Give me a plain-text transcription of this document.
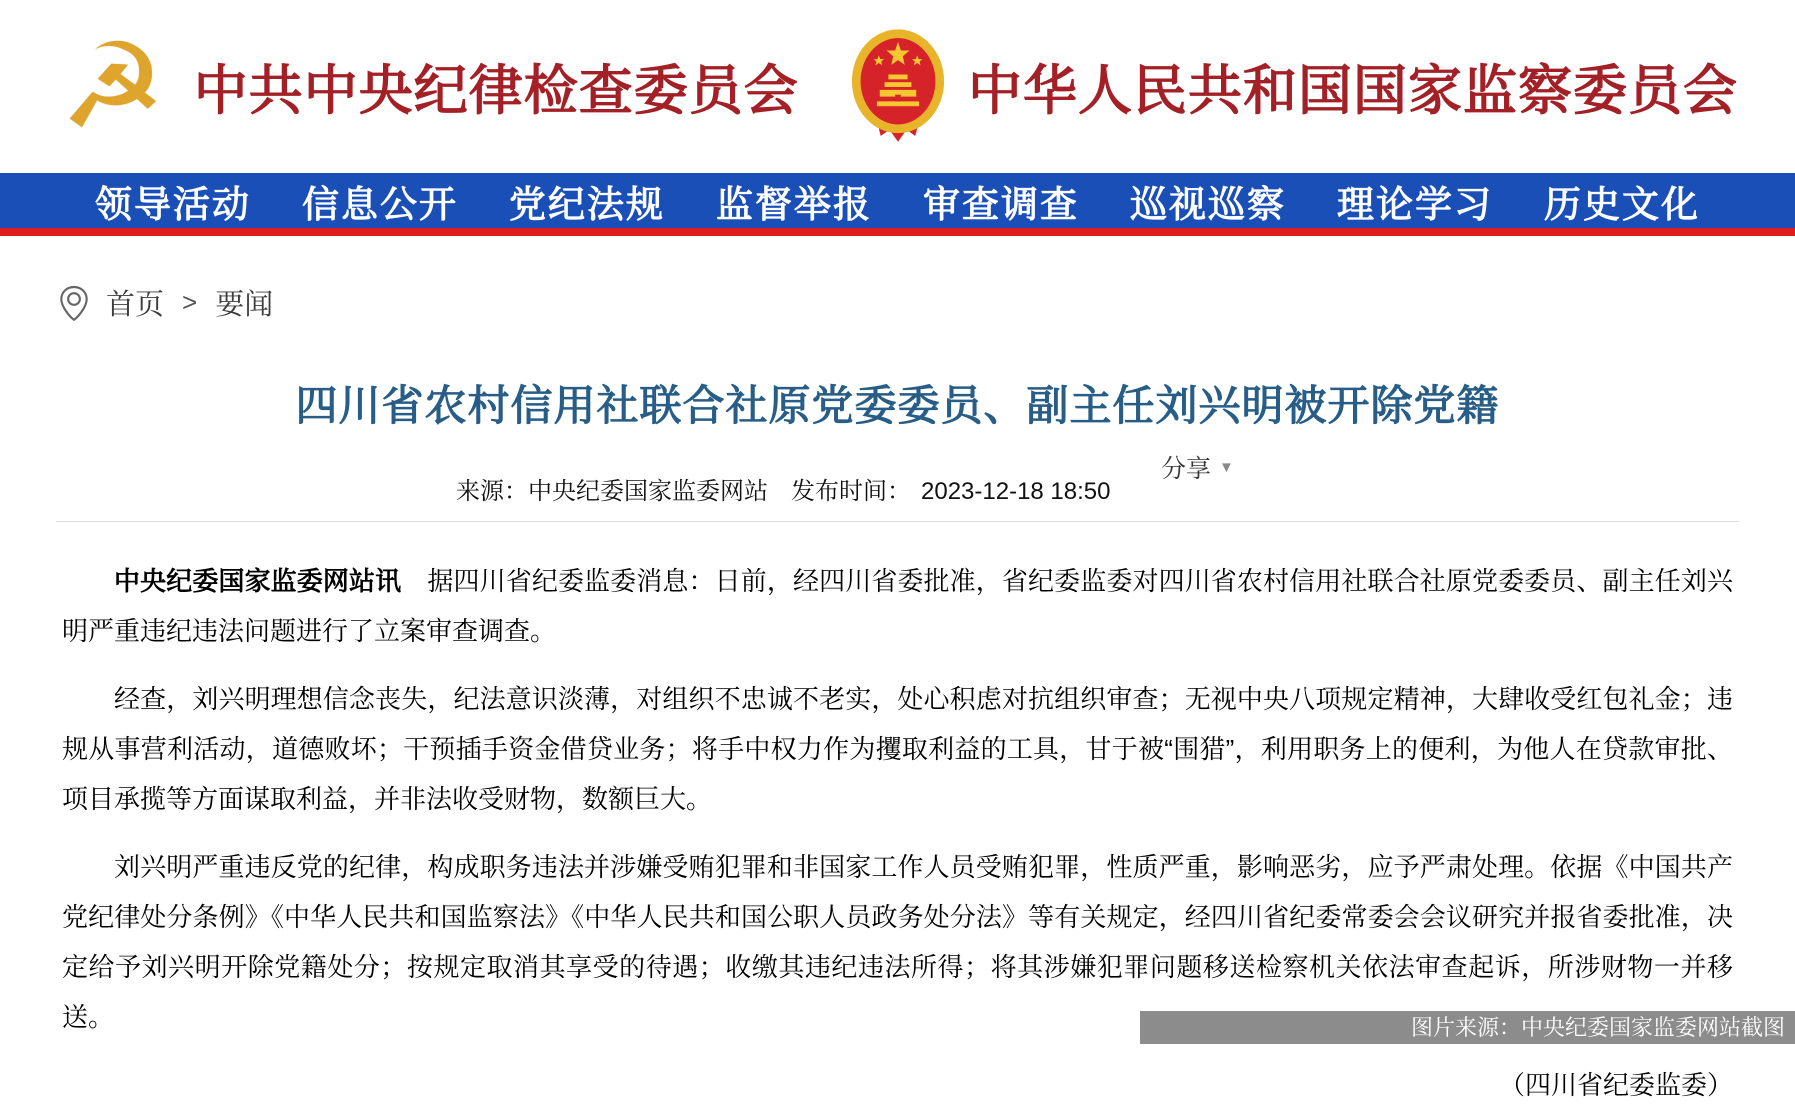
☭ 中共中央纪律检查委员会	中华人民共和国国家监察委员会
领导活动 信息公开 党纪法规 监督举报 审查调查 巡视巡察 理论学习 历史文化
首页 > 要闻
四川省农村信用社联合社原党委委员、副主任刘兴明被开除党籍
来源：中央纪委国家监委网站 发布时间： 2023-12-18 18:50
分享 ▼

中央纪委国家监委网站讯　据四川省纪委监委消息：日前，经四川省委批准，省纪委监委对四川省农村信用社联合社原党委委员、副主任刘兴明严重违纪违法问题进行了立案审查调查。

经查，刘兴明理想信念丧失，纪法意识淡薄，对组织不忠诚不老实，处心积虑对抗组织审查；无视中央八项规定精神，大肆收受红包礼金；违规从事营利活动，道德败坏；干预插手资金借贷业务；将手中权力作为攫取利益的工具，甘于被“围猎”，利用职务上的便利，为他人在贷款审批、项目承揽等方面谋取利益，并非法收受财物，数额巨大。

刘兴明严重违反党的纪律，构成职务违法并涉嫌受贿犯罪和非国家工作人员受贿犯罪，性质严重，影响恶劣，应予严肃处理。依据《中国共产党纪律处分条例》《中华人民共和国监察法》《中华人民共和国公职人员政务处分法》等有关规定，经四川省纪委常委会会议研究并报省委批准，决定给予刘兴明开除党籍处分；按规定取消其享受的待遇；收缴其违纪违法所得；将其涉嫌犯罪问题移送检察机关依法审查起诉，所涉财物一并移送。

（四川省纪委监委）

图片来源：中央纪委国家监委网站截图
